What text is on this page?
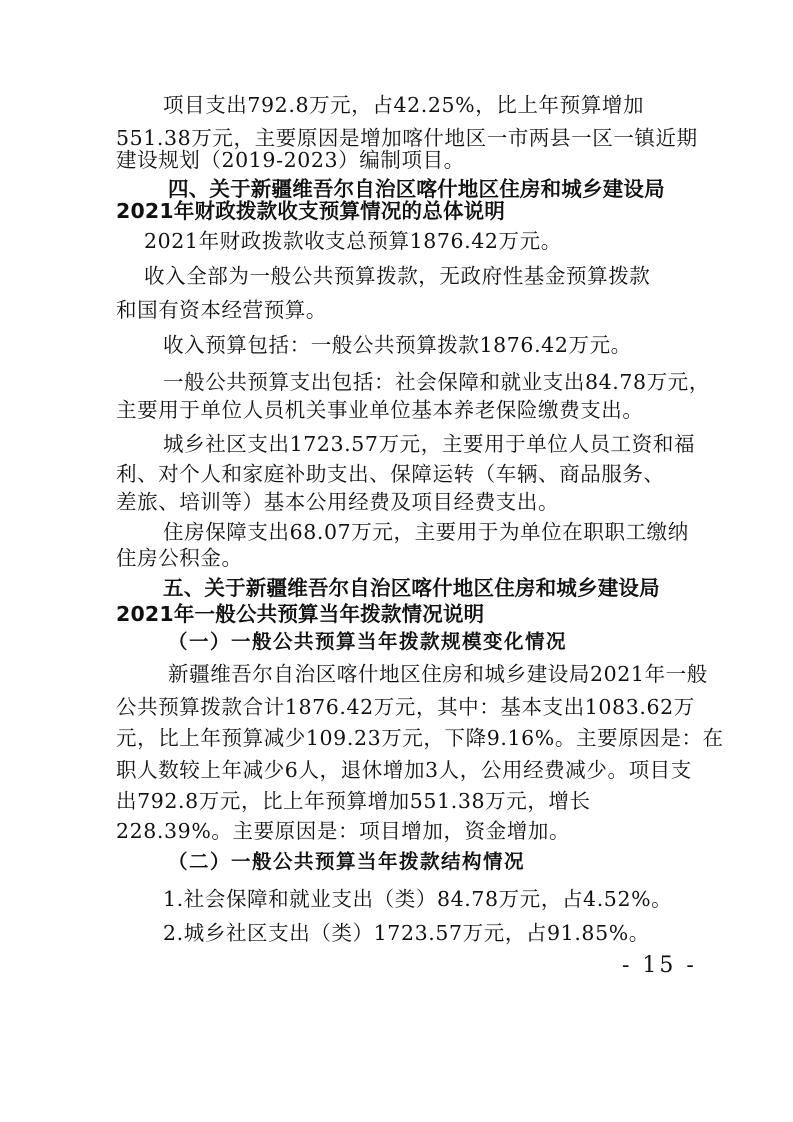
项目支出792.8万元，占42.25%，比上年预算增加
551.38万元，主要原因是增加喀什地区一市两县一区一镇近期
建设规划（2019-2023）编制项目。
四、关于新疆维吾尔自治区喀什地区住房和城乡建设局
2021年财政拨款收支预算情况的总体说明
2021年财政拨款收支总预算1876.42万元。
收入全部为一般公共预算拨款，无政府性基金预算拨款
和国有资本经营预算。
收入预算包括：一般公共预算拨款1876.42万元。
一般公共预算支出包括：社会保障和就业支出84.78万元，
主要用于单位人员机关事业单位基本养老保险缴费支出。
城乡社区支出1723.57万元，主要用于单位人员工资和福
利、对个人和家庭补助支出、保障运转（车辆、商品服务、
差旅、培训等）基本公用经费及项目经费支出。
住房保障支出68.07万元，主要用于为单位在职职工缴纳
住房公积金。
五、关于新疆维吾尔自治区喀什地区住房和城乡建设局
2021年一般公共预算当年拨款情况说明
（一）一般公共预算当年拨款规模变化情况
新疆维吾尔自治区喀什地区住房和城乡建设局2021年一般
公共预算拨款合计1876.42万元，其中：基本支出1083.62万
元，比上年预算减少109.23万元，下降9.16%。主要原因是：在
职人数较上年减少6人，退休增加3人，公用经费减少。项目支
出792.8万元，比上年预算增加551.38万元，增长
228.39%。主要原因是：项目增加，资金增加。
（二）一般公共预算当年拨款结构情况
1.社会保障和就业支出（类）84.78万元，占4.52%。
2.城乡社区支出（类）1723.57万元，占91.85%。
- 15 -
